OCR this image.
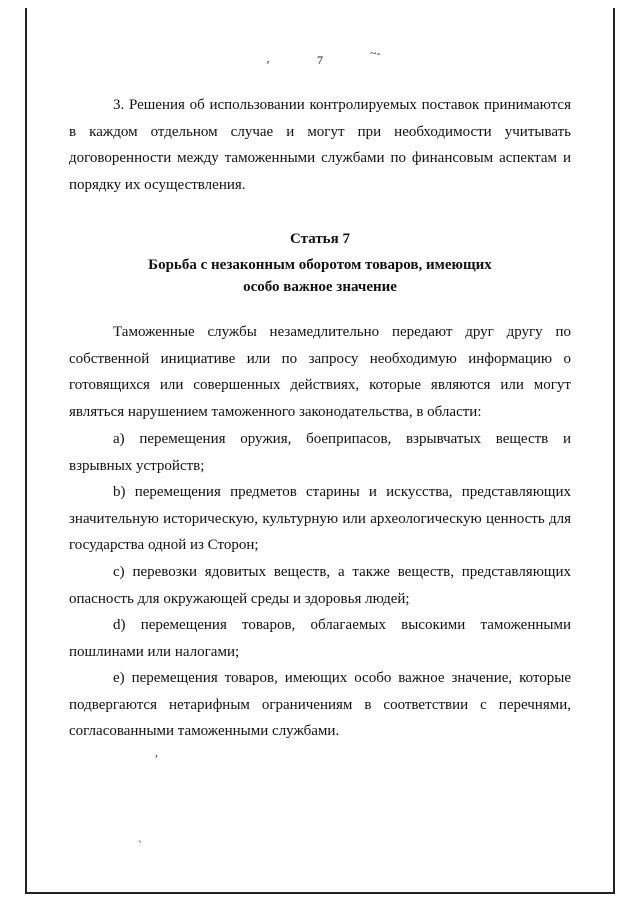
7
ʼ
~-
3. Решения об использовании контролируемых поставок принимаются в каждом отдельном случае и могут при необходимости учитывать договоренности между таможенными службами по финансовым аспектам и порядку их осуществления.
Статья 7
Борьба с незаконным оборотом товаров, имеющих
особо важное значение
Таможенные службы незамедлительно передают друг другу по собственной инициативе или по запросу необходимую информацию о готовящихся или совершенных действиях, которые являются или могут являться нарушением таможенного законодательства, в области:
a) перемещения оружия, боеприпасов, взрывчатых веществ и взрывных устройств;
b) перемещения предметов старины и искусства, представляющих значительную историческую, культурную или археологическую ценность для государства одной из Сторон;
c) перевозки ядовитых веществ, а также веществ, представляющих опасность для окружающей среды и здоровья людей;
d) перемещения товаров, облагаемых высокими таможенными пошлинами или налогами;
e) перемещения товаров, имеющих особо важное значение, которые подвергаются нетарифным ограничениям в соответствии с перечнями, согласованными таможенными службами.
,
ˋ
